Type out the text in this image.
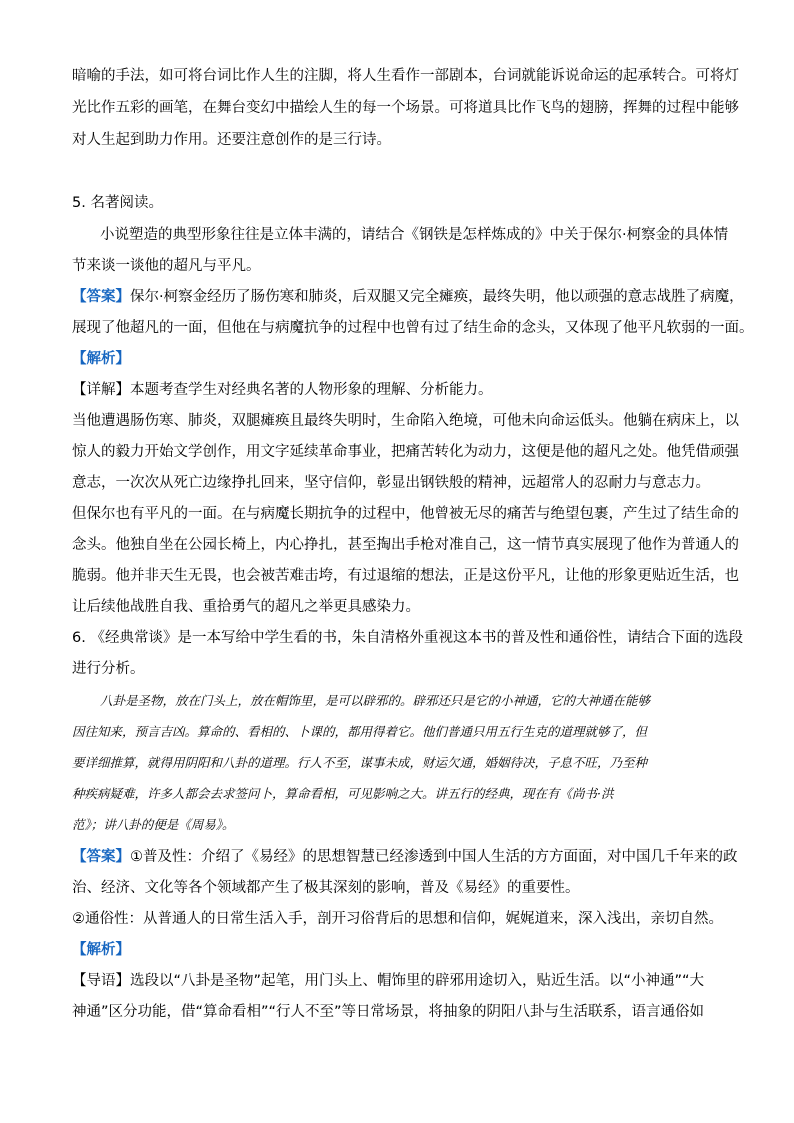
暗喻的手法，如可将台词比作人生的注脚，将人生看作一部剧本，台词就能诉说命运的起承转合。可将灯
光比作五彩的画笔，在舞台变幻中描绘人生的每一个场景。可将道具比作飞鸟的翅膀，挥舞的过程中能够
对人生起到助力作用。还要注意创作的是三行诗。
5. 名著阅读。
小说塑造的典型形象往往是立体丰满的，请结合《钢铁是怎样炼成的》中关于保尔·柯察金的具体情
节来谈一谈他的超凡与平凡。
【答案】保尔·柯察金经历了肠伤寒和肺炎，后双腿又完全瘫痪，最终失明，他以顽强的意志战胜了病魔，
展现了他超凡的一面，但他在与病魔抗争的过程中也曾有过了结生命的念头，又体现了他平凡软弱的一面。
【解析】
【详解】本题考查学生对经典名著的人物形象的理解、分析能力。
当他遭遇肠伤寒、肺炎，双腿瘫痪且最终失明时，生命陷入绝境，可他未向命运低头。他躺在病床上，以
惊人的毅力开始文学创作，用文字延续革命事业，把痛苦转化为动力，这便是他的超凡之处。他凭借顽强
意志，一次次从死亡边缘挣扎回来，坚守信仰，彰显出钢铁般的精神，远超常人的忍耐力与意志力。
但保尔也有平凡的一面。在与病魔长期抗争的过程中，他曾被无尽的痛苦与绝望包裹，产生过了结生命的
念头。他独自坐在公园长椅上，内心挣扎，甚至掏出手枪对准自己，这一情节真实展现了他作为普通人的
脆弱。他并非天生无畏，也会被苦难击垮，有过退缩的想法，正是这份平凡，让他的形象更贴近生活，也
让后续他战胜自我、重拾勇气的超凡之举更具感染力。
6. 《经典常谈》是一本写给中学生看的书，朱自清格外重视这本书的普及性和通俗性，请结合下面的选段
进行分析。
八卦是圣物，放在门头上，放在帽饰里，是可以辟邪的。辟邪还只是它的小神通，它的大神通在能够
因往知来，预言吉凶。算命的、看相的、卜课的，都用得着它。他们普通只用五行生克的道理就够了，但
要详细推算，就得用阴阳和八卦的道理。行人不至，谋事未成，财运欠通，婚姻待决，子息不旺，乃至种
种疾病疑难，许多人都会去求签问卜，算命看相，可见影响之大。讲五行的经典，现在有《尚书·洪
范》；讲八卦的便是《周易》。
【答案】①普及性：介绍了《易经》的思想智慧已经渗透到中国人生活的方方面面，对中国几千年来的政
治、经济、文化等各个领域都产生了极其深刻的影响，普及《易经》的重要性。
②通俗性：从普通人的日常生活入手，剖开习俗背后的思想和信仰，娓娓道来，深入浅出，亲切自然。
【解析】
【导语】选段以“八卦是圣物”起笔，用门头上、帽饰里的辟邪用途切入，贴近生活。以“小神通”“大
神通”区分功能，借“算命看相”“行人不至”等日常场景，将抽象的阴阳八卦与生活联系，语言通俗如
